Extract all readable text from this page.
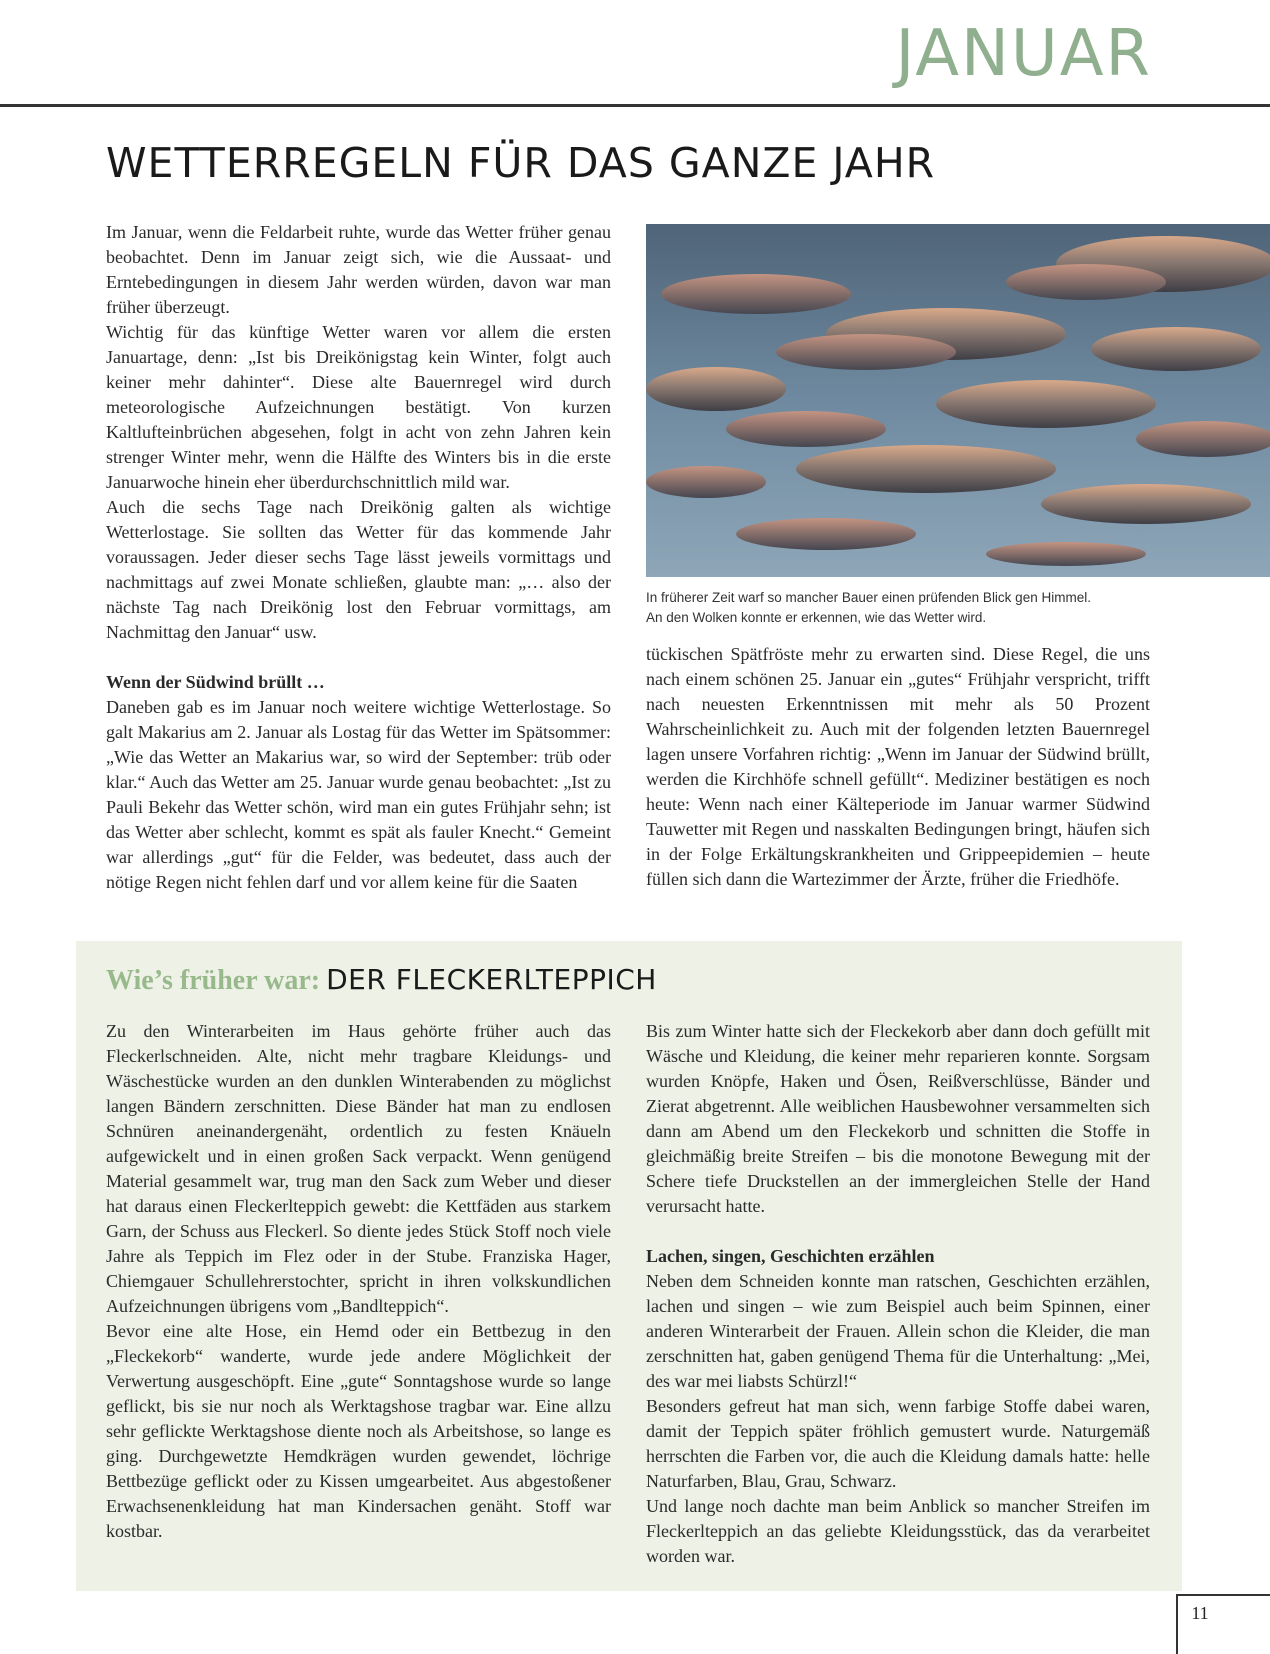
JANUAR
WETTERREGELN FÜR DAS GANZE JAHR

Im Januar, wenn die Feldarbeit ruhte, wurde das Wetter früher genau beobachtet. Denn im Januar zeigt sich, wie die Aussaat- und Erntebedingungen in diesem Jahr werden würden, davon war man früher überzeugt.

Wichtig für das künftige Wetter waren vor allem die ersten Januartage, denn: „Ist bis Dreikönigstag kein Winter, folgt auch keiner mehr dahinter“. Diese alte Bauernregel wird durch meteorologische Aufzeichnungen bestätigt. Von kurzen Kaltlufteinbrüchen abgesehen, folgt in acht von zehn Jahren kein strenger Winter mehr, wenn die Hälfte des Winters bis in die erste Januarwoche hinein eher überdurchschnittlich mild war.

Auch die sechs Tage nach Dreikönig galten als wichtige Wetterlostage. Sie sollten das Wetter für das kommende Jahr voraussagen. Jeder dieser sechs Tage lässt jeweils vormittags und nachmittags auf zwei Monate schließen, glaubte man: „… also der nächste Tag nach Dreikönig lost den Februar vormittags, am Nachmittag den Januar“ usw.

Wenn der Südwind brüllt …

Daneben gab es im Januar noch weitere wichtige Wetterlostage. So galt Makarius am 2. Januar als Lostag für das Wetter im Spätsommer: „Wie das Wetter an Makarius war, so wird der September: trüb oder klar.“ Auch das Wetter am 25. Januar wurde genau beobachtet: „Ist zu Pauli Bekehr das Wetter schön, wird man ein gutes Frühjahr sehn; ist das Wetter aber schlecht, kommt es spät als fauler Knecht.“ Gemeint war allerdings „gut“ für die Felder, was bedeutet, dass auch der nötige Regen nicht fehlen darf und vor allem keine für die Saaten

In früherer Zeit warf so mancher Bauer einen prüfenden Blick gen Himmel.

An den Wolken konnte er erkennen, wie das Wetter wird.

tückischen Spätfröste mehr zu erwarten sind. Diese Regel, die uns nach einem schönen 25. Januar ein „gutes“ Frühjahr verspricht, trifft nach neuesten Erkenntnissen mit mehr als 50 Prozent Wahrscheinlichkeit zu. Auch mit der folgenden letzten Bauernregel lagen unsere Vorfahren richtig: „Wenn im Januar der Südwind brüllt, werden die Kirchhöfe schnell gefüllt“. Mediziner bestätigen es noch heute: Wenn nach einer Kälteperiode im Januar warmer Südwind Tauwetter mit Regen und nasskalten Bedingungen bringt, häufen sich in der Folge Erkältungskrankheiten und Grippeepidemien – heute füllen sich dann die Wartezimmer der Ärzte, früher die Friedhöfe.

Wie’s früher war: DER FLECKERLTEPPICH

Zu den Winterarbeiten im Haus gehörte früher auch das Fleckerlschneiden. Alte, nicht mehr tragbare Kleidungs- und Wäschestücke wurden an den dunklen Winterabenden zu möglichst langen Bändern zerschnitten. Diese Bänder hat man zu endlosen Schnüren aneinandergenäht, ordentlich zu festen Knäueln aufgewickelt und in einen großen Sack verpackt. Wenn genügend Material gesammelt war, trug man den Sack zum Weber und dieser hat daraus einen Fleckerlteppich gewebt: die Kettfäden aus starkem Garn, der Schuss aus Fleckerl. So diente jedes Stück Stoff noch viele Jahre als Teppich im Flez oder in der Stube. Franziska Hager, Chiemgauer Schullehrerstochter, spricht in ihren volkskundlichen Aufzeichnungen übrigens vom „Bandlteppich“.

Bevor eine alte Hose, ein Hemd oder ein Bettbezug in den „Fleckekorb“ wanderte, wurde jede andere Möglichkeit der Verwertung ausgeschöpft. Eine „gute“ Sonntagshose wurde so lange geflickt, bis sie nur noch als Werktagshose tragbar war. Eine allzu sehr geflickte Werktagshose diente noch als Arbeitshose, so lange es ging. Durchgewetzte Hemdkrägen wurden gewendet, löchrige Bettbezüge geflickt oder zu Kissen umgearbeitet. Aus abgestoßener Erwachsenenkleidung hat man Kindersachen genäht. Stoff war kostbar.

Bis zum Winter hatte sich der Fleckekorb aber dann doch gefüllt mit Wäsche und Kleidung, die keiner mehr reparieren konnte. Sorgsam wurden Knöpfe, Haken und Ösen, Reißverschlüsse, Bänder und Zierat abgetrennt. Alle weiblichen Hausbewohner versammelten sich dann am Abend um den Fleckekorb und schnitten die Stoffe in gleichmäßig breite Streifen – bis die monotone Bewegung mit der Schere tiefe Druckstellen an der immergleichen Stelle der Hand verursacht hatte.

Lachen, singen, Geschichten erzählen

Neben dem Schneiden konnte man ratschen, Geschichten erzählen, lachen und singen – wie zum Beispiel auch beim Spinnen, einer anderen Winterarbeit der Frauen. Allein schon die Kleider, die man zerschnitten hat, gaben genügend Thema für die Unterhaltung: „Mei, des war mei liabsts Schürzl!“

Besonders gefreut hat man sich, wenn farbige Stoffe dabei waren, damit der Teppich später fröhlich gemustert wurde. Naturgemäß herrschten die Farben vor, die auch die Kleidung damals hatte: helle Naturfarben, Blau, Grau, Schwarz.

Und lange noch dachte man beim Anblick so mancher Streifen im Fleckerlteppich an das geliebte Kleidungsstück, das da verarbeitet worden war.

11
